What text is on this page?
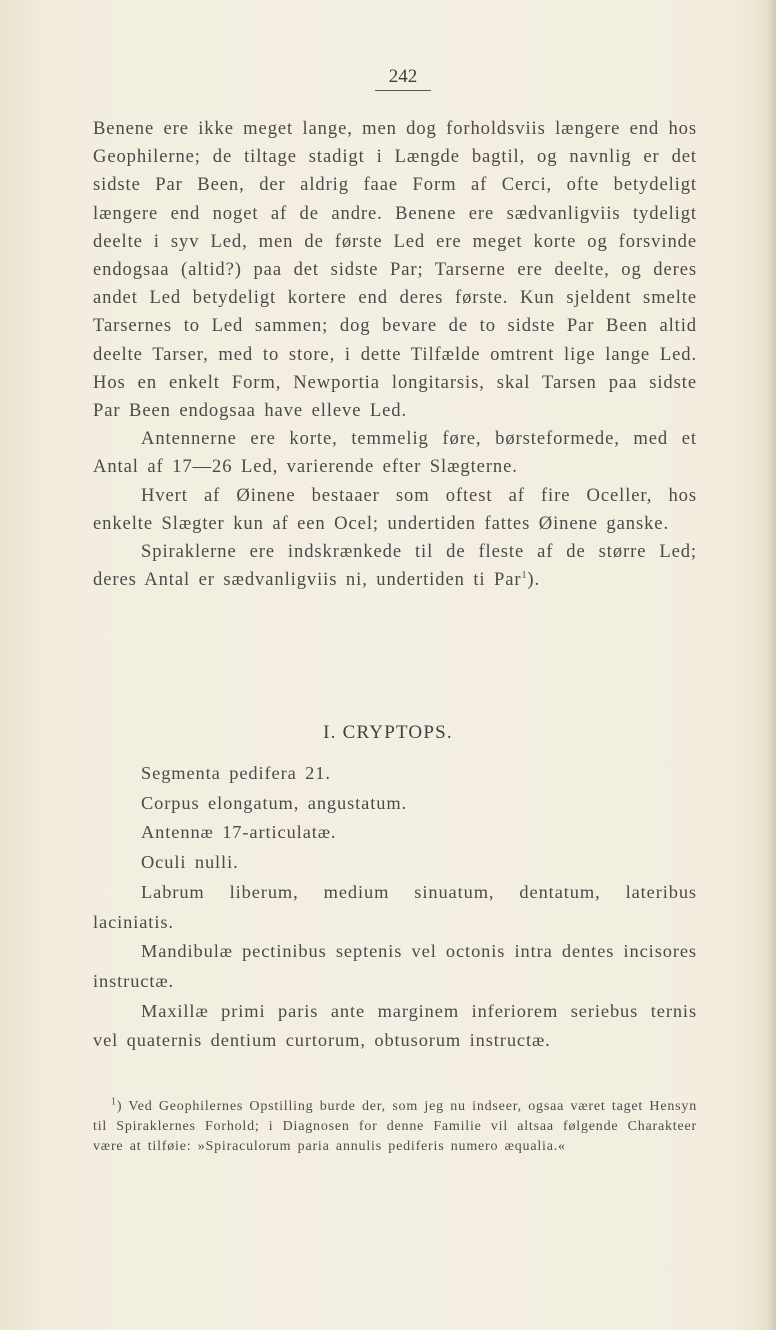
242

Benene ere ikke meget lange, men dog forholdsviis længere end hos Geophilerne; de tiltage stadigt i Længde bagtil, og navnlig er det sidste Par Been, der aldrig faae Form af Cerci, ofte betydeligt længere end noget af de andre. Benene ere sædvanligviis tydeligt deelte i syv Led, men de første Led ere meget korte og forsvinde endogsaa (altid?) paa det sidste Par; Tarserne ere deelte, og deres andet Led betydeligt kortere end deres første. Kun sjeldent smelte Tarsernes to Led sammen; dog bevare de to sidste Par Been altid deelte Tarser, med to store, i dette Tilfælde omtrent lige lange Led. Hos en enkelt Form, Newportia longitarsis, skal Tarsen paa sidste Par Been endogsaa have elleve Led.

Antennerne ere korte, temmelig føre, børsteformede, med et Antal af 17—26 Led, varierende efter Slægterne.

Hvert af Øinene bestaaer som oftest af fire Oceller, hos enkelte Slægter kun af een Ocel; undertiden fattes Øinene ganske.

Spiraklerne ere indskrænkede til de fleste af de større Led; deres Antal er sædvanligviis ni, undertiden ti Par$^1$).

I. CRYPTOPS.

Segmenta pedifera 21.

Corpus elongatum, angustatum.

Antennæ 17-articulatæ.

Oculi nulli.

Labrum liberum, medium sinuatum, dentatum, lateribus laciniatis.

Mandibulæ pectinibus septenis vel octonis intra dentes incisores instructæ.

Maxillæ primi paris ante marginem inferiorem seriebus ternis vel quaternis dentium curtorum, obtusorum instructæ.

$^1$) Ved Geophilernes Opstilling burde der, som jeg nu indseer, ogsaa været taget Hensyn til Spiraklernes Forhold; i Diagnosen for denne Familie vil altsaa følgende Charakteer være at tilføie: »Spiraculorum paria annulis pediferis numero æqualia.«
